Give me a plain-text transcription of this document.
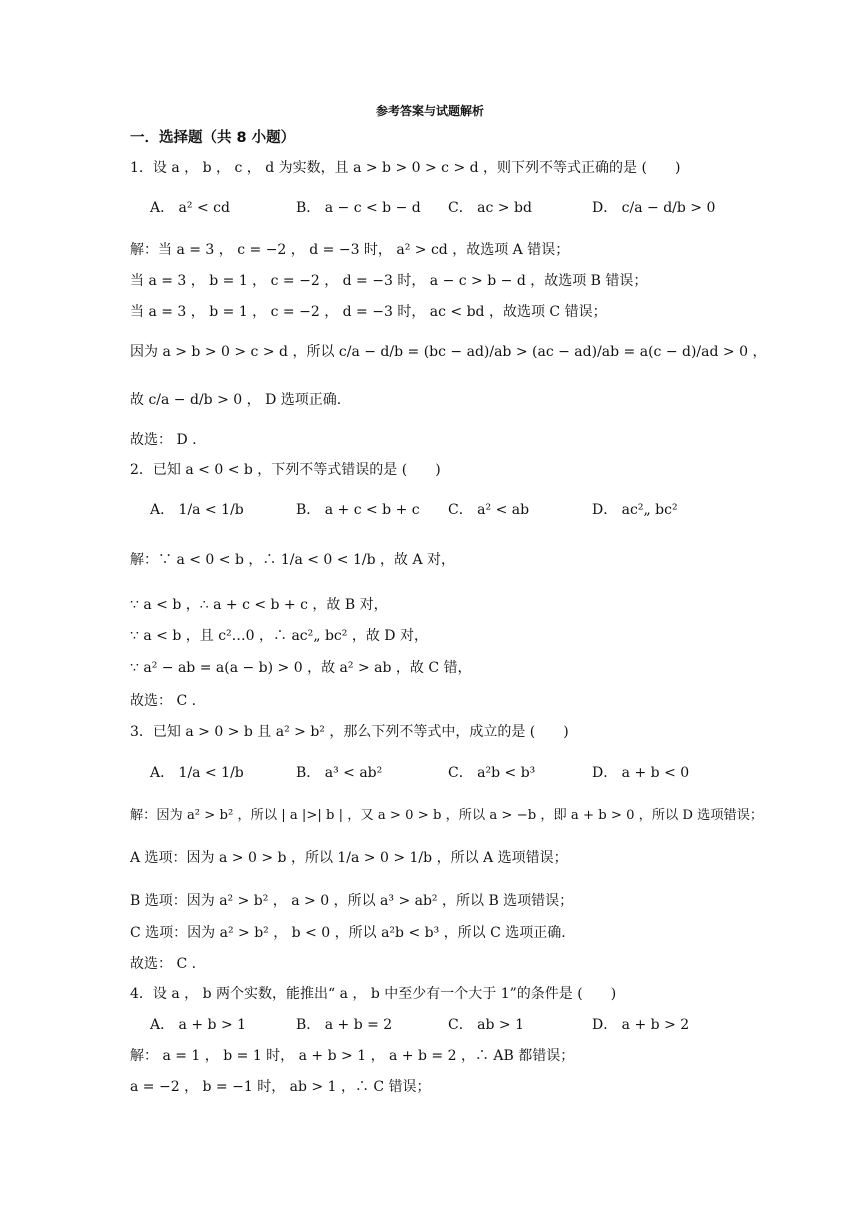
参考答案与试题解析
一．选择题（共 8 小题）
1．设 a ， b ， c ， d 为实数，且 a > b > 0 > c > d ，则下列不等式正确的是 (　　)
A． a² < cd	B． a − c < b − d C． ac > bd	D． c/a − d/b > 0
解：当 a = 3 ， c = −2 ， d = −3 时， a² > cd ，故选项 A 错误；
当 a = 3 ， b = 1 ， c = −2 ， d = −3 时， a − c > b − d ，故选项 B 错误；
当 a = 3 ， b = 1 ， c = −2 ， d = −3 时， ac < bd ，故选项 C 错误；
因为 a > b > 0 > c > d ，所以 c/a − d/b = (bc − ad)/ab > (ac − ad)/ab = a(c − d)/ad > 0 ，
故 c/a − d/b > 0 ， D 选项正确.
故选： D .
2．已知 a < 0 < b ，下列不等式错误的是 (　　)
A． 1/a < 1/b	B． a + c < b + c C． a² < ab	D． ac²„ bc²
解：∵ a < 0 < b ，∴ 1/a < 0 < 1/b ，故 A 对，
∵ a < b ，∴ a + c < b + c ，故 B 对，
∵ a < b ，且 c²…0 ，∴ ac²„ bc² ，故 D 对，
∵ a² − ab = a(a − b) > 0 ，故 a² > ab ，故 C 错，
故选： C .
3．已知 a > 0 > b 且 a² > b² ，那么下列不等式中，成立的是 (　　)
A． 1/a < 1/b	B． a³ < ab²	C． a²b < b³	D． a + b < 0
解：因为 a² > b² ，所以 | a |>| b | ，又 a > 0 > b ，所以 a > −b ，即 a + b > 0 ，所以 D 选项错误；
A 选项：因为 a > 0 > b ，所以 1/a > 0 > 1/b ，所以 A 选项错误；
B 选项：因为 a² > b² ， a > 0 ，所以 a³ > ab² ，所以 B 选项错误；
C 选项：因为 a² > b² ， b < 0 ，所以 a²b < b³ ，所以 C 选项正确.
故选： C .
4．设 a ， b 两个实数，能推出“ a ， b 中至少有一个大于 1”的条件是 (　　)
A． a + b > 1	B． a + b = 2	C． ab > 1	D． a + b > 2
解： a = 1 ， b = 1 时， a + b > 1 ， a + b = 2 ，∴ AB 都错误；
a = −2 ， b = −1 时， ab > 1 ，∴ C 错误；
